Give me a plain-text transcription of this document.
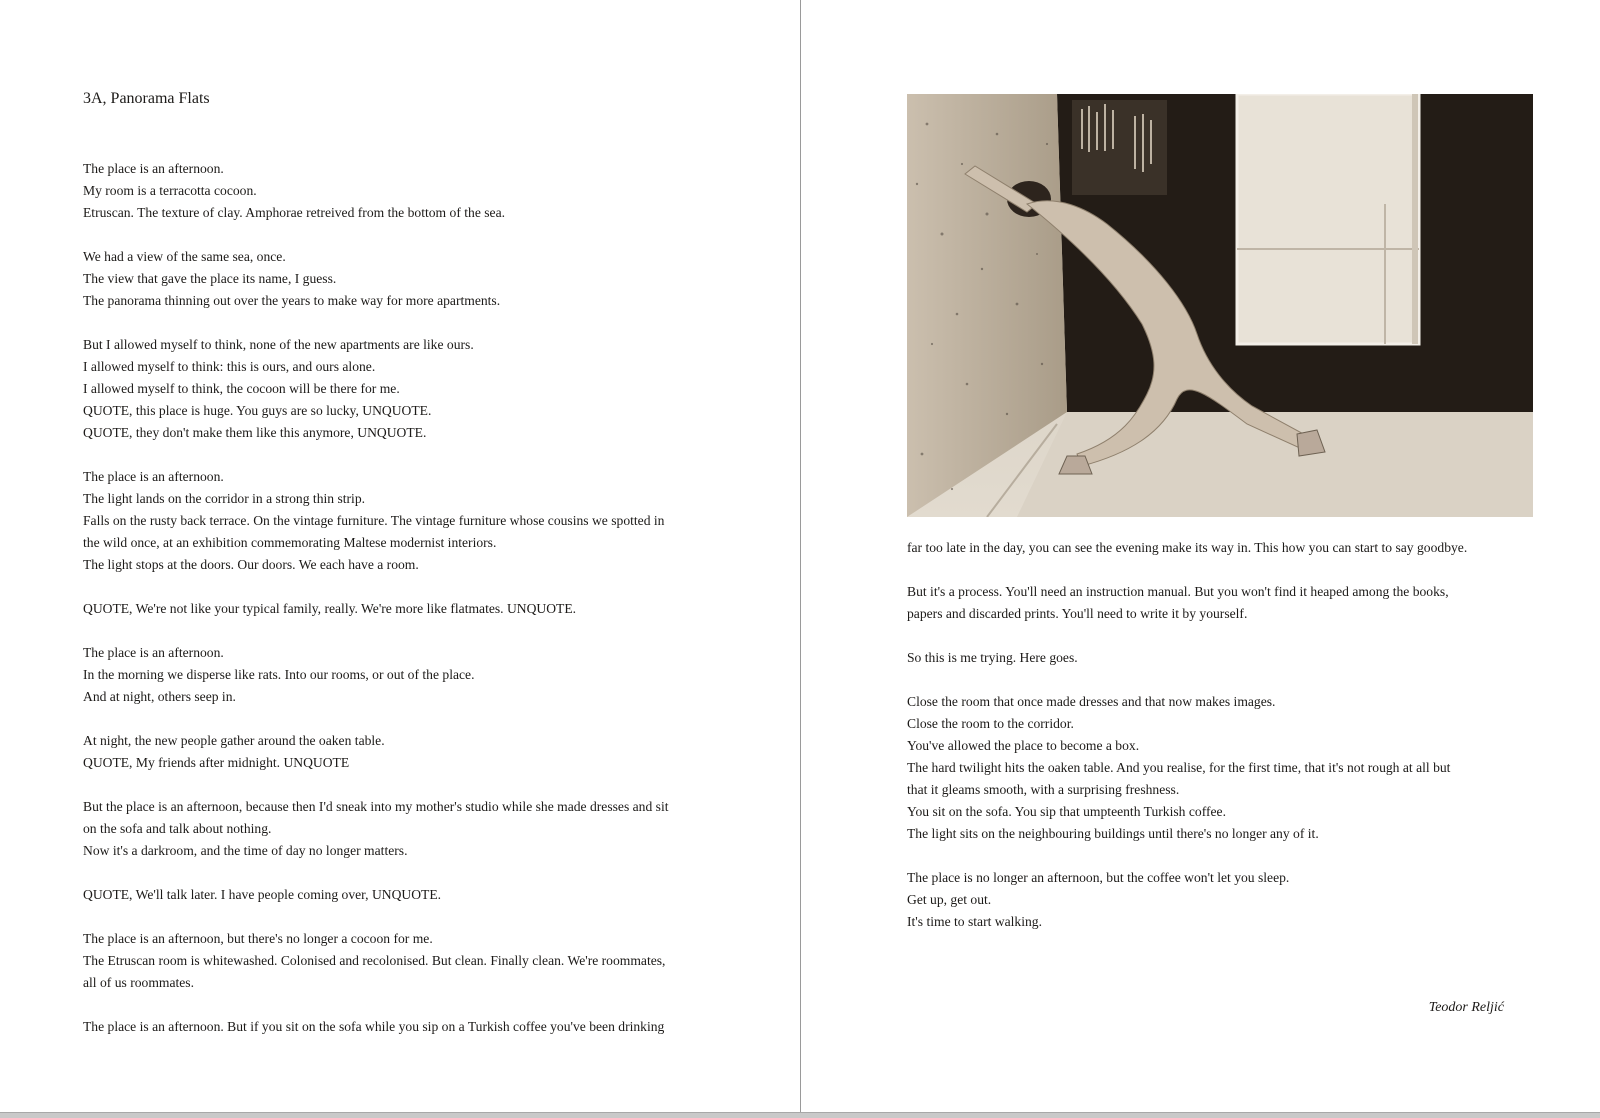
3A, Panorama Flats
The place is an afternoon.
My room is a terracotta cocoon.
Etruscan. The texture of clay. Amphorae retreived from the bottom of the sea.
We had a view of the same sea, once.
The view that gave the place its name, I guess.
The panorama thinning out over the years to make way for more apartments.
But I allowed myself to think, none of the new apartments are like ours.
I allowed myself to think: this is ours, and ours alone.
I allowed myself to think, the cocoon will be there for me.
QUOTE, this place is huge. You guys are so lucky, UNQUOTE.
QUOTE, they don't make them like this anymore, UNQUOTE.
The place is an afternoon.
The light lands on the corridor in a strong thin strip.
Falls on the rusty back terrace. On the vintage furniture. The vintage furniture whose cousins we spotted in
the wild once, at an exhibition commemorating Maltese modernist interiors.
The light stops at the doors. Our doors. We each have a room.
QUOTE, We're not like your typical family, really. We're more like flatmates. UNQUOTE.
The place is an afternoon.
In the morning we disperse like rats. Into our rooms, or out of the place.
And at night, others seep in.
At night, the new people gather around the oaken table.
QUOTE, My friends after midnight. UNQUOTE
But the place is an afternoon, because then I'd sneak into my mother's studio while she made dresses and sit
on the sofa and talk about nothing.
Now it's a darkroom, and the time of day no longer matters.
QUOTE, We'll talk later. I have people coming over, UNQUOTE.
The place is an afternoon, but there's no longer a cocoon for me.
The Etruscan room is whitewashed. Colonised and recolonised. But clean. Finally clean. We're roommates,
all of us roommates.
The place is an afternoon. But if you sit on the sofa while you sip on a Turkish coffee you've been drinking
far too late in the day, you can see the evening make its way in. This how you can start to say goodbye.
But it's a process. You'll need an instruction manual. But you won't find it heaped among the books,
papers and discarded prints. You'll need to write it by yourself.
So this is me trying. Here goes.
Close the room that once made dresses and that now makes images.
Close the room to the corridor.
You've allowed the place to become a box.
The hard twilight hits the oaken table. And you realise, for the first time, that it's not rough at all but
that it gleams smooth, with a surprising freshness.
You sit on the sofa. You sip that umpteenth Turkish coffee.
The light sits on the neighbouring buildings until there's no longer any of it.
The place is no longer an afternoon, but the coffee won't let you sleep.
Get up, get out.
It's time to start walking.
Teodor Reljić
